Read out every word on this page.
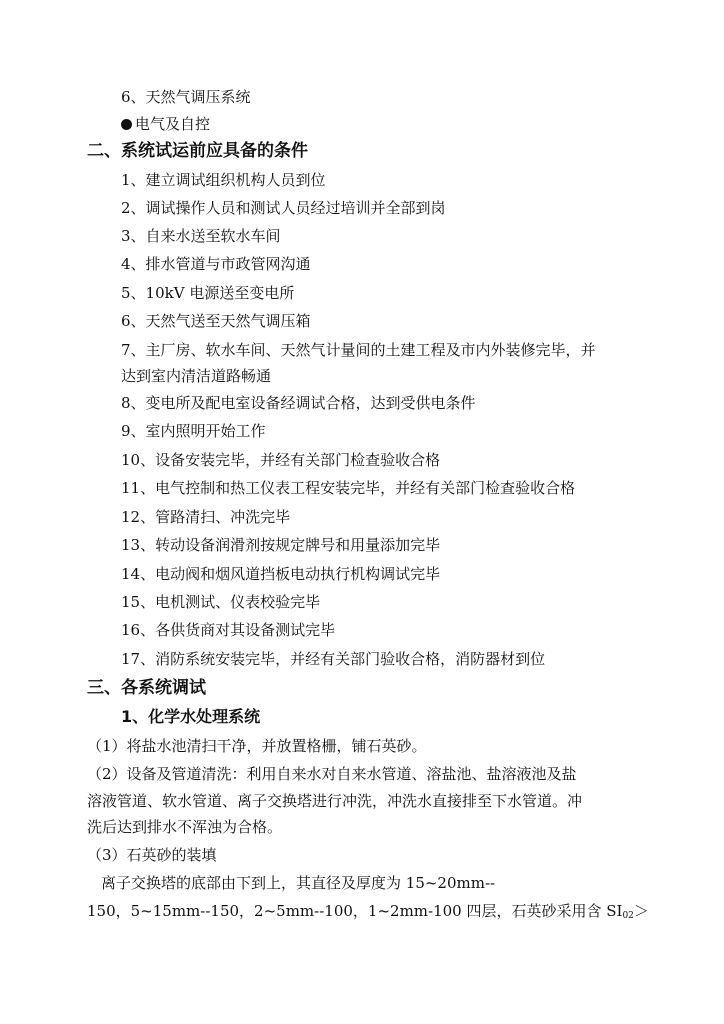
6、天然气调压系统
电气及自控
二、系统试运前应具备的条件
1、建立调试组织机构人员到位
2、调试操作人员和测试人员经过培训并全部到岗
3、自来水送至软水车间
4、排水管道与市政管网沟通
5、10kV 电源送至变电所
6、天然气送至天然气调压箱
7、主厂房、软水车间、天然气计量间的土建工程及市内外装修完毕，并
达到室内清洁道路畅通
8、变电所及配电室设备经调试合格，达到受供电条件
9、室内照明开始工作
10、设备安装完毕，并经有关部门检查验收合格
11、电气控制和热工仪表工程安装完毕，并经有关部门检查验收合格
12、管路清扫、冲洗完毕
13、转动设备润滑剂按规定牌号和用量添加完毕
14、电动阀和烟风道挡板电动执行机构调试完毕
15、电机测试、仪表校验完毕
16、各供货商对其设备测试完毕
17、消防系统安装完毕，并经有关部门验收合格，消防器材到位
三、各系统调试
1、化学水处理系统
（1）将盐水池清扫干净，并放置格栅，铺石英砂。
（2）设备及管道清洗：利用自来水对自来水管道、溶盐池、盐溶液池及盐
溶液管道、软水管道、离子交换塔进行冲洗，冲洗水直接排至下水管道。冲
洗后达到排水不浑浊为合格。
（3）石英砂的装填
离子交换塔的底部由下到上，其直径及厚度为 15~20mm--
150，5~15mm--150，2~5mm--100，1~2mm-100 四层，石英砂采用含 $SI_{02}>$
